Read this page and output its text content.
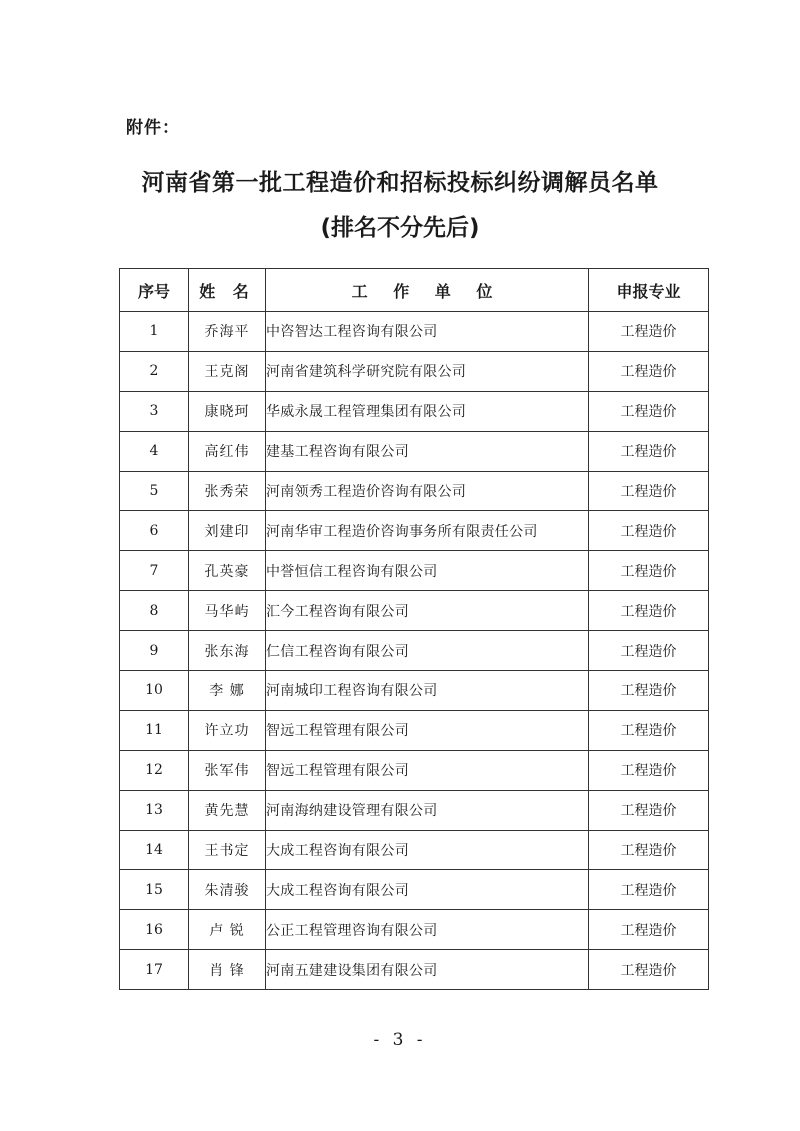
附件：
河南省第一批工程造价和招标投标纠纷调解员名单
(排名不分先后)
序号	姓 名	工 作 单 位	申报专业
1	乔海平	中咨智达工程咨询有限公司	工程造价
2	王克阁	河南省建筑科学研究院有限公司	工程造价
3	康晓珂	华威永晟工程管理集团有限公司	工程造价
4	高红伟	建基工程咨询有限公司	工程造价
5	张秀荣	河南领秀工程造价咨询有限公司	工程造价
6	刘建印	河南华审工程造价咨询事务所有限责任公司	工程造价
7	孔英豪	中誉恒信工程咨询有限公司	工程造价
8	马华屿	汇今工程咨询有限公司	工程造价
9	张东海	仁信工程咨询有限公司	工程造价
10	李 娜	河南城印工程咨询有限公司	工程造价
11	许立功	智远工程管理有限公司	工程造价
12	张军伟	智远工程管理有限公司	工程造价
13	黄先慧	河南海纳建设管理有限公司	工程造价
14	王书定	大成工程咨询有限公司	工程造价
15	朱清骏	大成工程咨询有限公司	工程造价
16	卢 锐	公正工程管理咨询有限公司	工程造价
17	肖 锋	河南五建建设集团有限公司	工程造价
- 3 -
